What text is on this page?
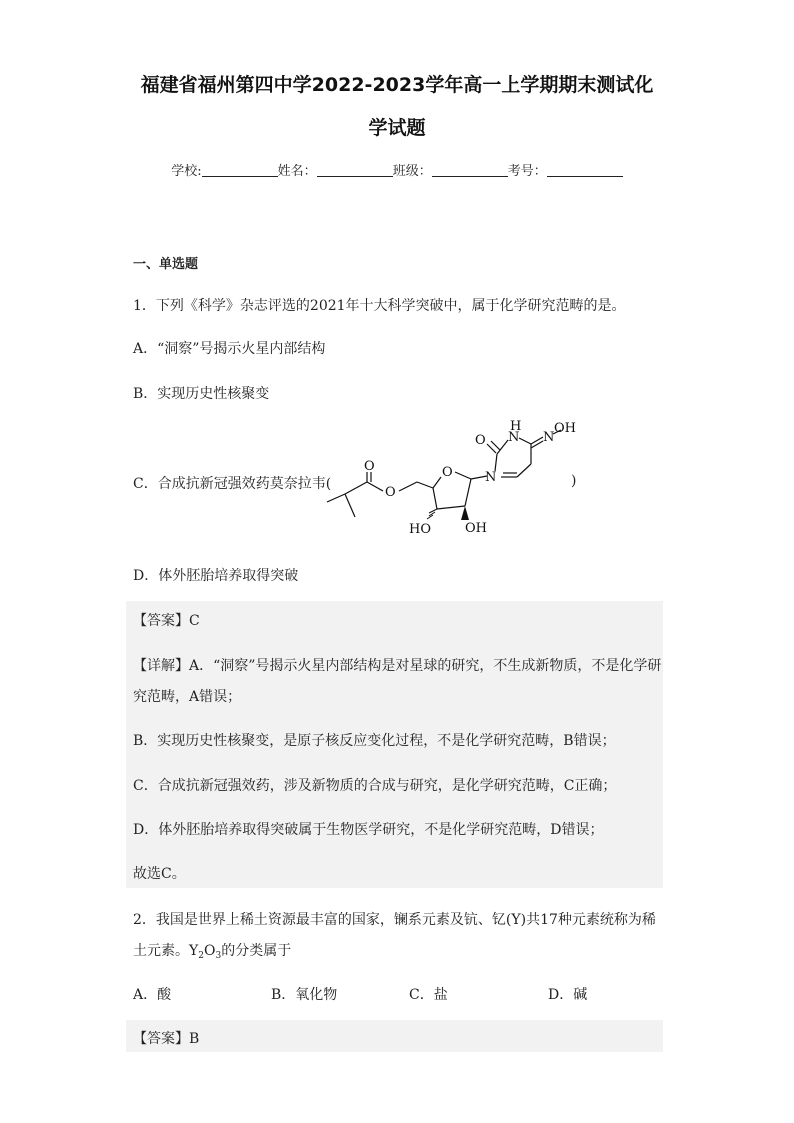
福建省福州第四中学2022-2023学年高一上学期期末测试化
学试题
学校:	姓名：	班级：	考号：
一、单选题
1．下列《科学》杂志评选的2021年十大科学突破中，属于化学研究范畴的是。
A．“洞察”号揭示火星内部结构
B．实现历史性核聚变
C．合成抗新冠强效药莫奈拉韦(
O
O
O N
N
H
O	N
OH
HO	OH
)
D．体外胚胎培养取得突破
【答案】C
【详解】A．“洞察”号揭示火星内部结构是对星球的研究，不生成新物质，不是化学研
究范畴，A错误；
B．实现历史性核聚变，是原子核反应变化过程，不是化学研究范畴，B错误；
C．合成抗新冠强效药，涉及新物质的合成与研究，是化学研究范畴，C正确；
D．体外胚胎培养取得突破属于生物医学研究，不是化学研究范畴，D错误；
故选C。
2．我国是世界上稀土资源最丰富的国家，镧系元素及钪、钇(Y)共17种元素统称为稀
土元素。$Y_2O_3$的分类属于
A．酸	B．氧化物	C．盐	D．碱
【答案】B
